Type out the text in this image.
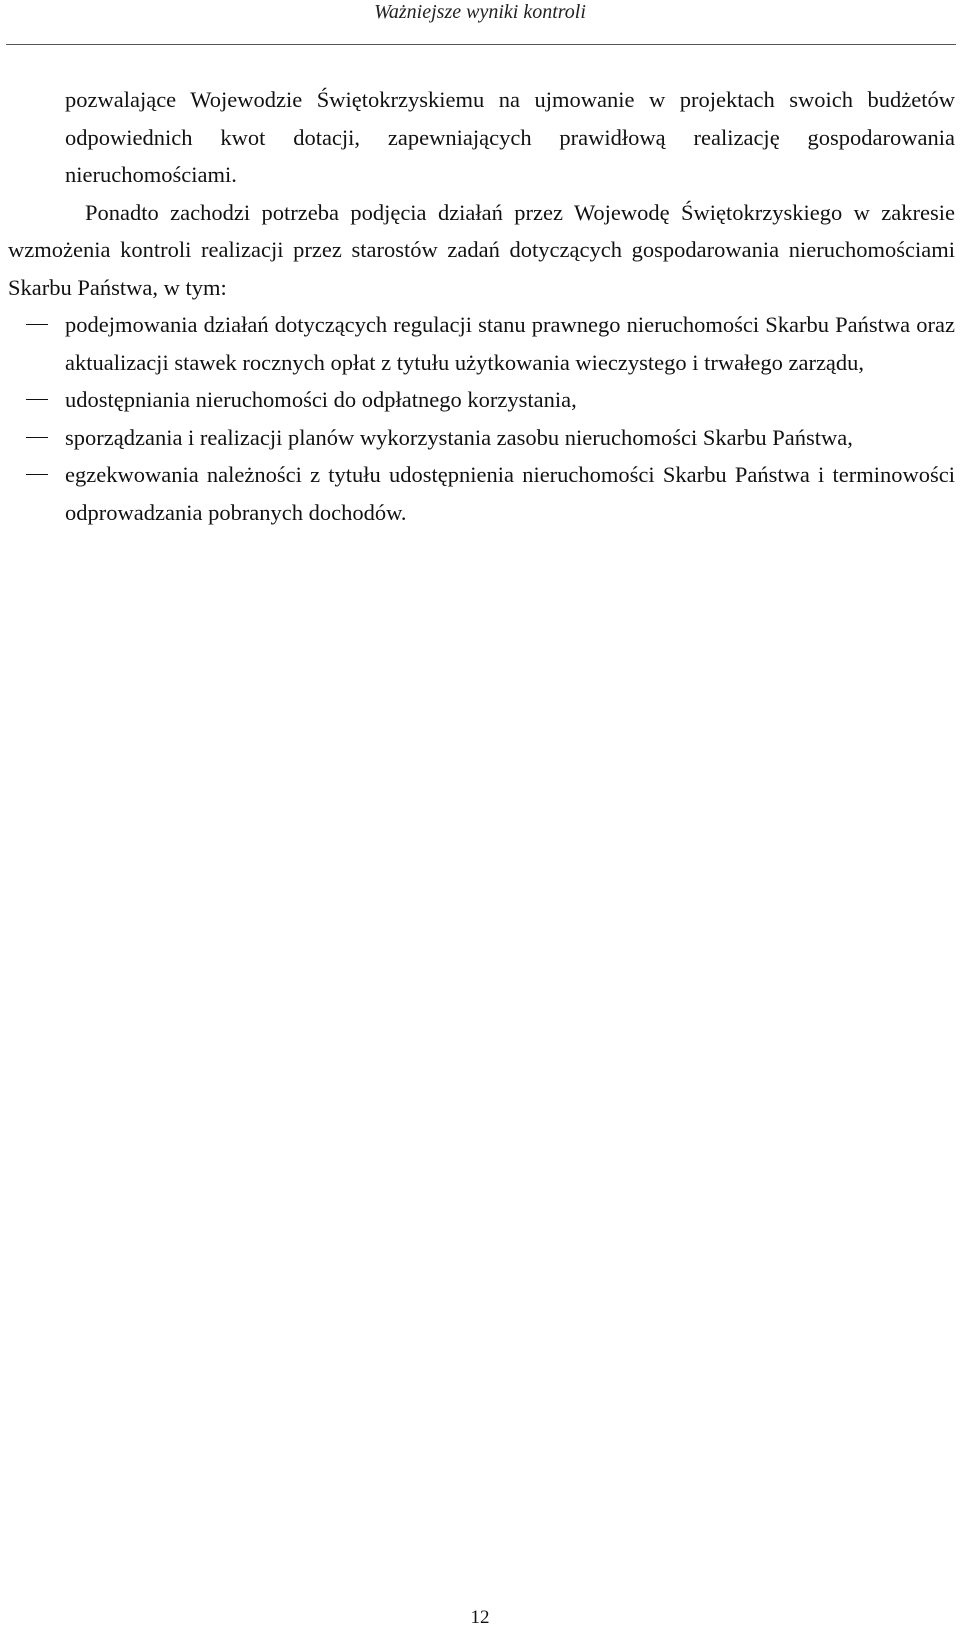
Ważniejsze wyniki kontroli

pozwalające Wojewodzie Świętokrzyskiemu na ujmowanie w projektach swoich budżetów odpowiednich kwot dotacji, zapewniających prawidłową realizację gospodarowania nieruchomościami.

Ponadto zachodzi potrzeba podjęcia działań przez Wojewodę Świętokrzyskiego w zakresie wzmożenia kontroli realizacji przez starostów zadań dotyczących gospodarowania nieruchomościami Skarbu Państwa, w tym:

podejmowania działań dotyczących regulacji stanu prawnego nieruchomości Skarbu Państwa oraz aktualizacji stawek rocznych opłat z tytułu użytkowania wieczystego i trwałego zarządu,
udostępniania nieruchomości do odpłatnego korzystania,
sporządzania i realizacji planów wykorzystania zasobu nieruchomości Skarbu Państwa,
egzekwowania należności z tytułu udostępnienia nieruchomości Skarbu Państwa i terminowości odprowadzania pobranych dochodów.
12
